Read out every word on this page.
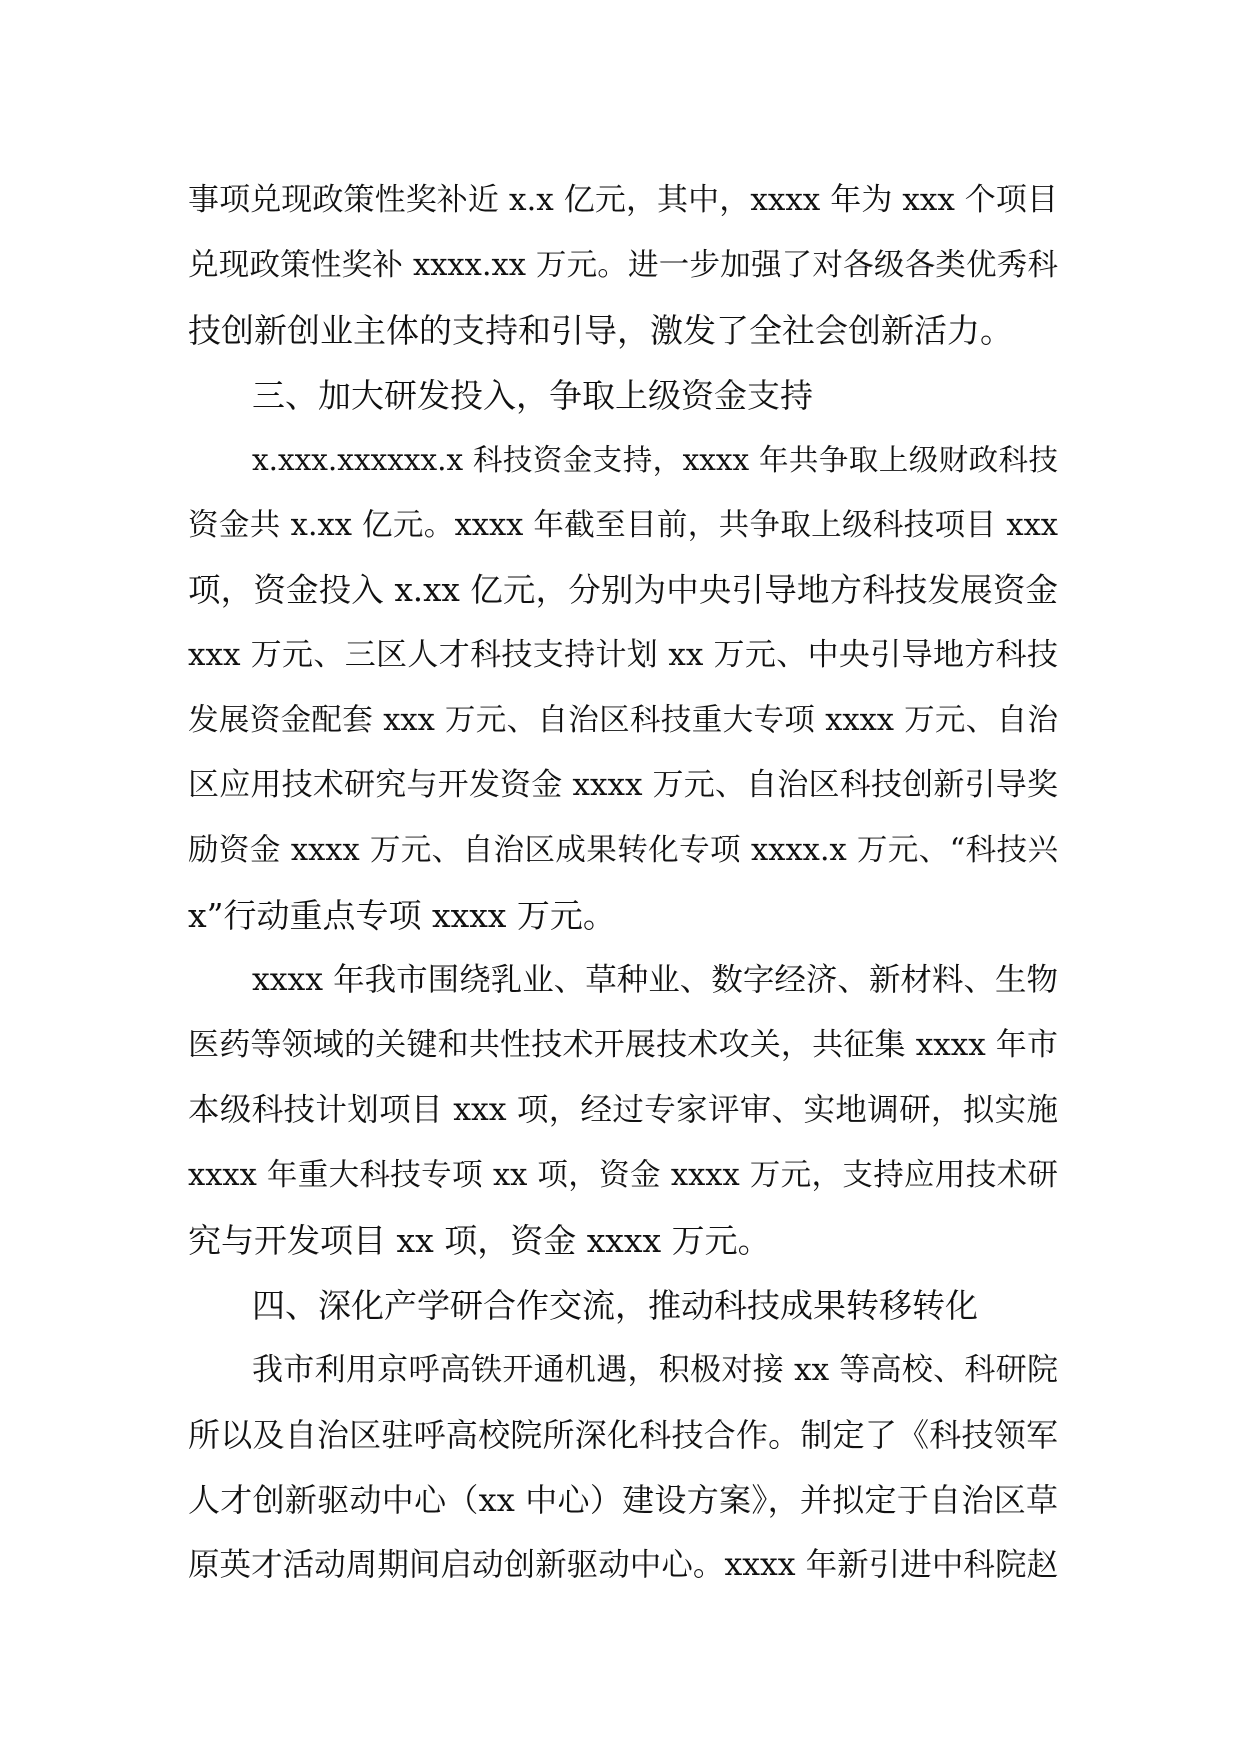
事项兑现政策性奖补近 x.x 亿元，其中，xxxx 年为 xxx 个项目
兑现政策性奖补 xxxx.xx 万元。进一步加强了对各级各类优秀科
技创新创业主体的支持和引导，激发了全社会创新活力。
三、加大研发投入，争取上级资金支持
x.xxx.xxxxxx.x 科技资金支持，xxxx 年共争取上级财政科技
资金共 x.xx 亿元。xxxx 年截至目前，共争取上级科技项目 xxx
项，资金投入 x.xx 亿元，分别为中央引导地方科技发展资金
xxx 万元、三区人才科技支持计划 xx 万元、中央引导地方科技
发展资金配套 xxx 万元、自治区科技重大专项 xxxx 万元、自治
区应用技术研究与开发资金 xxxx 万元、自治区科技创新引导奖
励资金 xxxx 万元、自治区成果转化专项 xxxx.x 万元、“科技兴
x”行动重点专项 xxxx 万元。
xxxx 年我市围绕乳业、草种业、数字经济、新材料、生物
医药等领域的关键和共性技术开展技术攻关，共征集 xxxx 年市
本级科技计划项目 xxx 项，经过专家评审、实地调研，拟实施
xxxx 年重大科技专项 xx 项，资金 xxxx 万元，支持应用技术研
究与开发项目 xx 项，资金 xxxx 万元。
四、深化产学研合作交流，推动科技成果转移转化
我市利用京呼高铁开通机遇，积极对接 xx 等高校、科研院
所以及自治区驻呼高校院所深化科技合作。制定了《科技领军
人才创新驱动中心（xx 中心）建设方案》，并拟定于自治区草
原英才活动周期间启动创新驱动中心。xxxx 年新引进中科院赵
